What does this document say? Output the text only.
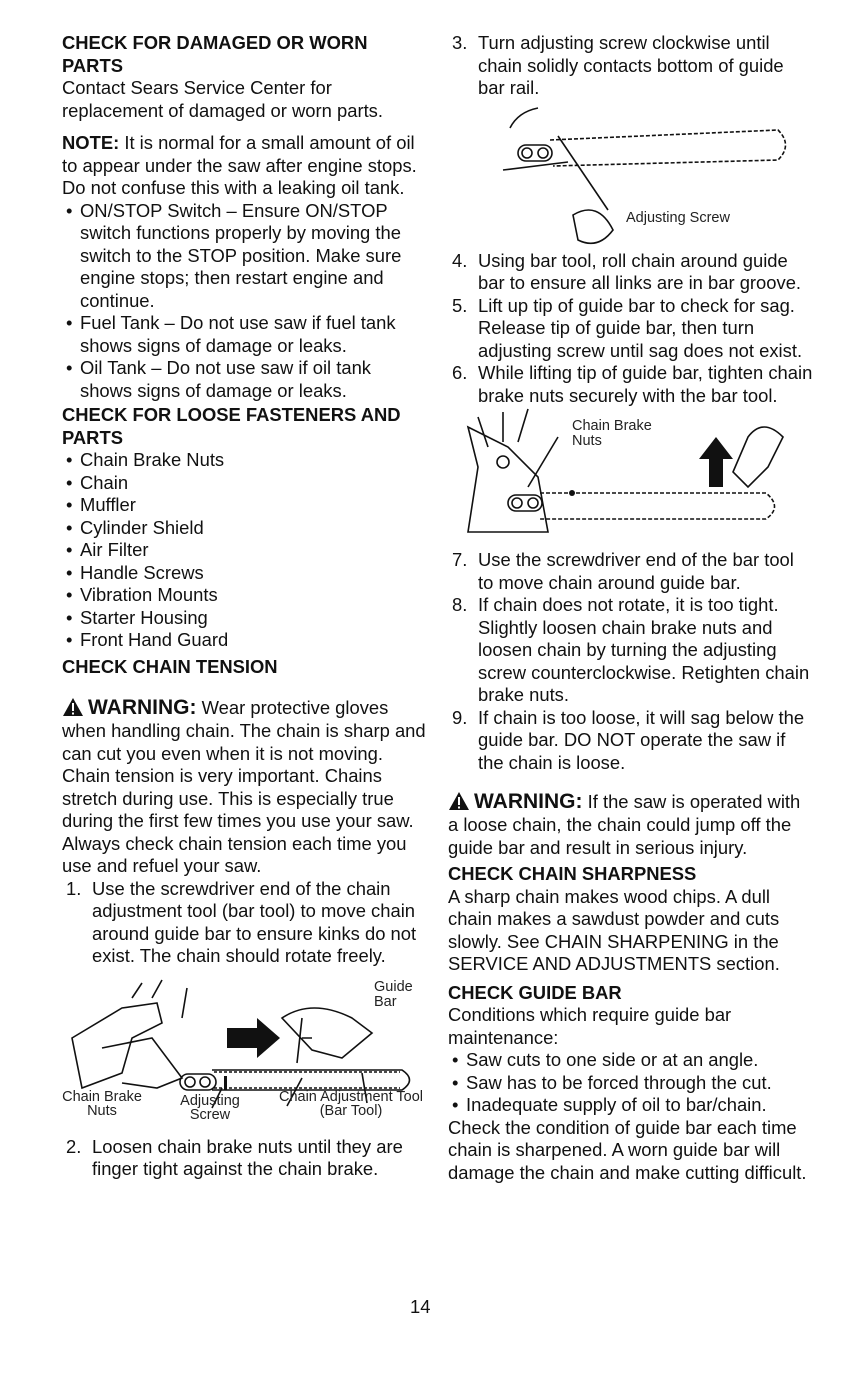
CHECK FOR DAMAGED OR WORN PARTS

Contact Sears Service Center for replacement of damaged or worn parts.

NOTE: It is normal for a small amount of oil to appear under the saw after engine stops. Do not confuse this with a leaking oil tank.

• ON/STOP Switch – Ensure ON/STOP switch functions properly by moving the switch to the STOP position. Make sure engine stops; then restart engine and continue.
• Fuel Tank – Do not use saw if fuel tank shows signs of damage or leaks.
• Oil Tank – Do not use saw if oil tank shows signs of damage or leaks.
CHECK FOR LOOSE FASTENERS AND PARTS
• Chain Brake Nuts
• Chain
• Muffler
• Cylinder Shield
• Air Filter
• Handle Screws
• Vibration Mounts
• Starter Housing
• Front Hand Guard
CHECK CHAIN TENSION

WARNING: Wear protective gloves when handling chain. The chain is sharp and can cut you even when it is not moving.

Chain tension is very important. Chains stretch during use. This is especially true during the first few times you use your saw. Always check chain tension each time you use and refuel your saw.

1. Use the screwdriver end of the chain adjustment tool (bar tool) to move chain around guide bar to ensure kinks do not exist. The chain should rotate freely.
Guide Bar
Chain Brake Nuts
Adjusting Screw
Chain Adjustment Tool (Bar Tool)
2. Loosen chain brake nuts until they are finger tight against the chain brake.
3. Turn adjusting screw clockwise until chain solidly contacts bottom of guide bar rail.
Adjusting Screw
4. Using bar tool, roll chain around guide bar to ensure all links are in bar groove.
5. Lift up tip of guide bar to check for sag. Release tip of guide bar, then turn adjusting screw until sag does not exist.
6. While lifting tip of guide bar, tighten chain brake nuts securely with the bar tool.
Chain Brake Nuts
7. Use the screwdriver end of the bar tool to move chain around guide bar.
8. If chain does not rotate, it is too tight. Slightly loosen chain brake nuts and loosen chain by turning the adjusting screw counterclockwise. Retighten chain brake nuts.
9. If chain is too loose, it will sag below the guide bar. DO NOT operate the saw if the chain is loose.

WARNING: If the saw is operated with a loose chain, the chain could jump off the guide bar and result in serious injury.

CHECK CHAIN SHARPNESS

A sharp chain makes wood chips. A dull chain makes a sawdust powder and cuts slowly. See CHAIN SHARPENING in the SERVICE AND ADJUSTMENTS section.

CHECK GUIDE BAR

Conditions which require guide bar maintenance:

• Saw cuts to one side or at an angle.
• Saw has to be forced through the cut.
• Inadequate supply of oil to bar/chain.

Check the condition of guide bar each time chain is sharpened. A worn guide bar will damage the chain and make cutting difficult.

14
